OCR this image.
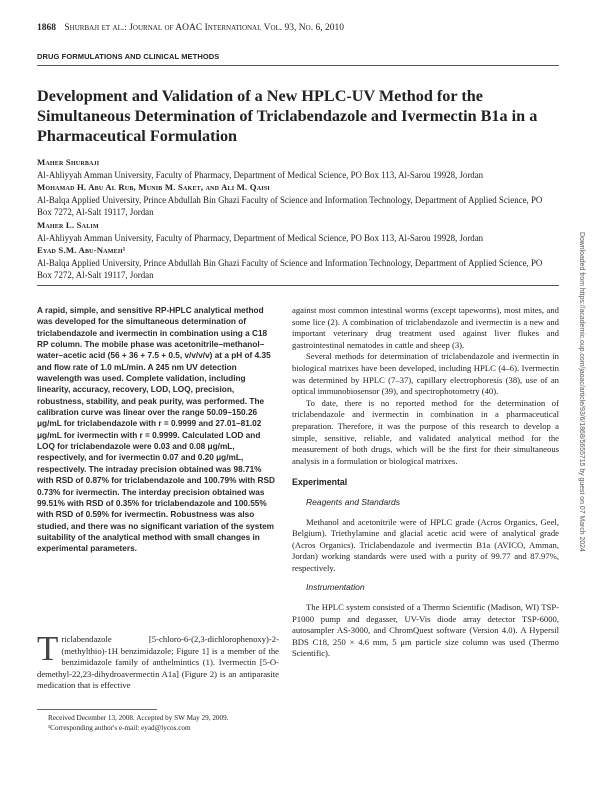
1868 Shurbaji et al.: Journal of AOAC International Vol. 93, No. 6, 2010
DRUG FORMULATIONS AND CLINICAL METHODS
Development and Validation of a New HPLC-UV Method for the Simultaneous Determination of Triclabendazole and Ivermectin B1a in a Pharmaceutical Formulation
Maher Shurbaji
Al-Ahliyyah Amman University, Faculty of Pharmacy, Department of Medical Science, PO Box 113, Al-Sarou 19928, Jordan
Mohamad H. Abu Al Rub, Munib M. Saket, and Ali M. Qaisi
Al-Balqa Applied University, Prince Abdullah Bin Ghazi Faculty of Science and Information Technology, Department of Applied Science, PO Box 7272, Al-Salt 19117, Jordan
Maher L. Salim
Al-Ahliyyah Amman University, Faculty of Pharmacy, Department of Medical Science, PO Box 113, Al-Sarou 19928, Jordan
Eyad S.M. Abu-Nameh¹
Al-Balqa Applied University, Prince Abdullah Bin Ghazi Faculty of Science and Information Technology, Department of Applied Science, PO Box 7272, Al-Salt 19117, Jordan	Downloaded from https://academic.oup.com/jaoac/article/93/6/1868/5655715 by guest on 07 March 2024
A rapid, simple, and sensitive RP-HPLC analytical method was developed for the simultaneous determination of triclabendazole and ivermectin in combination using a C18 RP column. The mobile phase was acetonitrile–methanol–water–acetic acid (56 + 36 + 7.5 + 0.5, v/v/v/v) at a pH of 4.35 and flow rate of 1.0 mL/min. A 245 nm UV detection wavelength was used. Complete validation, including linearity, accuracy, recovery, LOD, LOQ, precision, robustness, stability, and peak purity, was performed. The calibration curve was linear over the range 50.09–150.26 μg/mL for triclabendazole with r = 0.9999 and 27.01–81.02 μg/mL for ivermectin with r = 0.9999. Calculated LOD and LOQ for triclabendazole were 0.03 and 0.08 μg/mL, respectively, and for ivermectin 0.07 and 0.20 μg/mL, respectively. The intraday precision obtained was 98.71% with RSD of 0.87% for triclabendazole and 100.79% with RSD 0.73% for ivermectin. The interday precision obtained was 99.51% with RSD of 0.35% for triclabendazole and 100.55% with RSD of 0.59% for ivermectin. Robustness was also studied, and there was no significant variation of the system suitability of the analytical method with small changes in experimental parameters.
Triclabendazole [5-chloro-6-(2,3-dichlorophenoxy)-2-(methylthio)-1H benzimidazole; Figure 1] is a member of the benzimidazole family of anthelmintics (1). Ivermectin [5-O-demethyl-22,23-dihydroavermectin A1a] (Figure 2) is an antiparasite medication that is effective
Received December 13, 2008. Accepted by SW May 29, 2009.
¹Corresponding author's e-mail: eyad@lycos.com

against most common intestinal worms (except tapeworms), most mites, and some lice (2). A combination of triclabendazole and ivermectin is a new and important veterinary drug treatment used against liver flukes and gastrointestinal nematodes in cattle and sheep (3).

Several methods for determination of triclabendazole and ivermectin in biological matrixes have been developed, including HPLC (4–6). Ivermectin was determined by HPLC (7–37), capillary electrophoresis (38), use of an optical immunobiosensor (39), and spectrophotometry (40).

To date, there is no reported method for the determination of triclabendazole and ivermectin in combination in a pharmaceutical preparation. Therefore, it was the purpose of this research to develop a simple, sensitive, reliable, and validated analytical method for the measurement of both drugs, which will be the first for their simultaneous analysis in a formulation or biological matrixes.

Experimental
Reagents and Standards

Methanol and acetonitrile were of HPLC grade (Acros Organics, Geel, Belgium). Triethylamine and glacial acetic acid were of analytical grade (Acros Organics). Triclabendazole and ivermectin B1a (AVICO, Amman, Jordan) working standards were used with a purity of 99.77 and 87.97%, respectively.

Instrumentation

The HPLC system consisted of a Thermo Scientific (Madison, WI) TSP-P1000 pump and degasser, UV-Vis diode array detector TSP-6000, autosampler AS-3000, and ChromQuest software (Version 4.0). A Hypersil BDS C18, 250 × 4.6 mm, 5 μm particle size column was used (Thermo Scientific).
